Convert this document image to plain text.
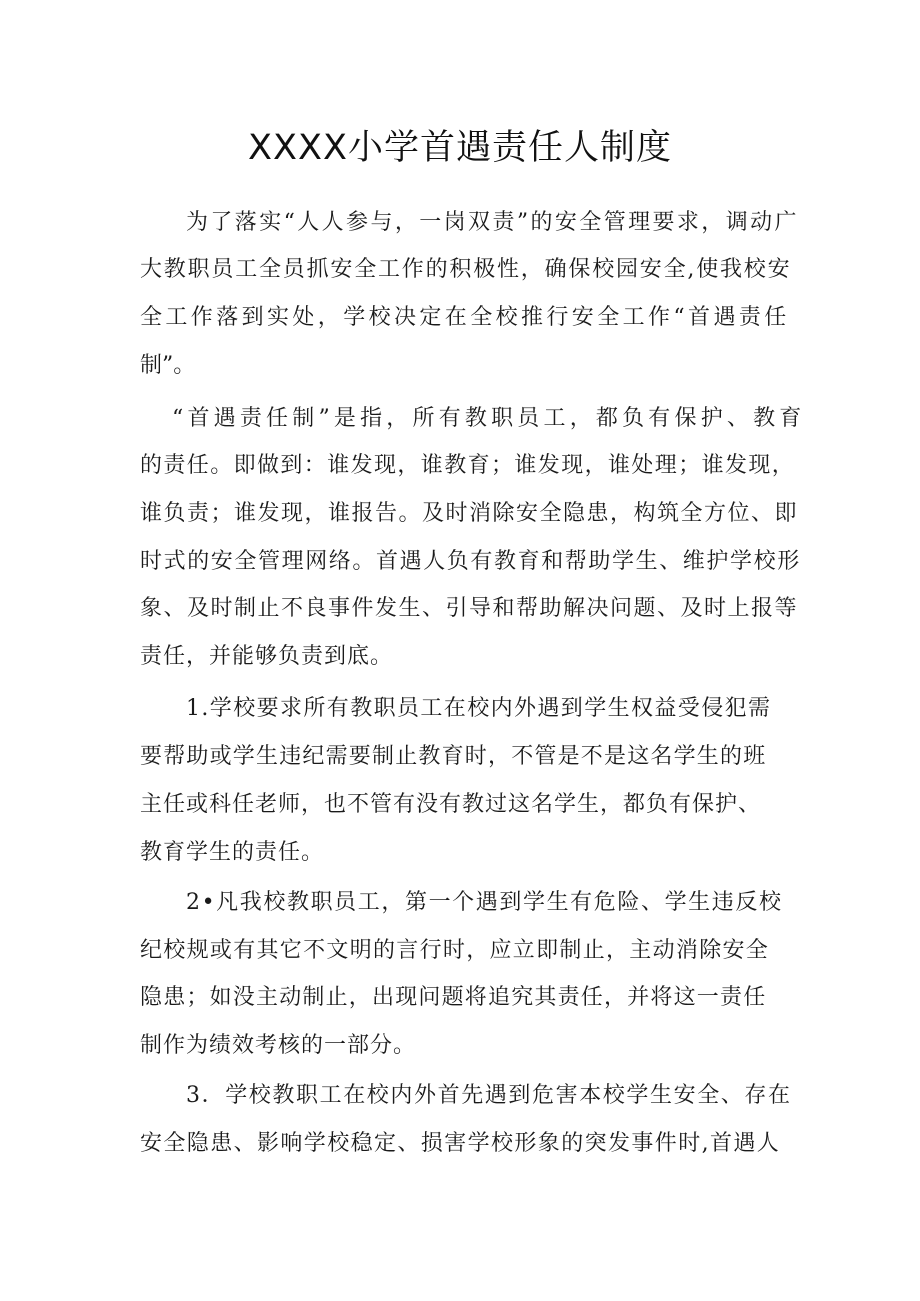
XXXX小学首遇责任人制度
为了落实“人人参与，一岗双责”的安全管理要求，调动广
大教职员工全员抓安全工作的积极性，确保校园安全,使我校安
全工作落到实处，学校决定在全校推行安全工作“首遇责任
制”。
“首遇责任制”是指，所有教职员工，都负有保护、教育
的责任。即做到：谁发现，谁教育；谁发现，谁处理；谁发现，
谁负责；谁发现，谁报告。及时消除安全隐患，构筑全方位、即
时式的安全管理网络。首遇人负有教育和帮助学生、维护学校形
象、及时制止不良事件发生、引导和帮助解决问题、及时上报等
责任，并能够负责到底。
1.学校要求所有教职员工在校内外遇到学生权益受侵犯需
要帮助或学生违纪需要制止教育时，不管是不是这名学生的班
主任或科任老师，也不管有没有教过这名学生，都负有保护、
教育学生的责任。
2•凡我校教职员工，第一个遇到学生有危险、学生违反校
纪校规或有其它不文明的言行时，应立即制止，主动消除安全
隐患；如没主动制止，出现问题将追究其责任，并将这一责任
制作为绩效考核的一部分。
3．学校教职工在校内外首先遇到危害本校学生安全、存在
安全隐患、影响学校稳定、损害学校形象的突发事件时,首遇人
